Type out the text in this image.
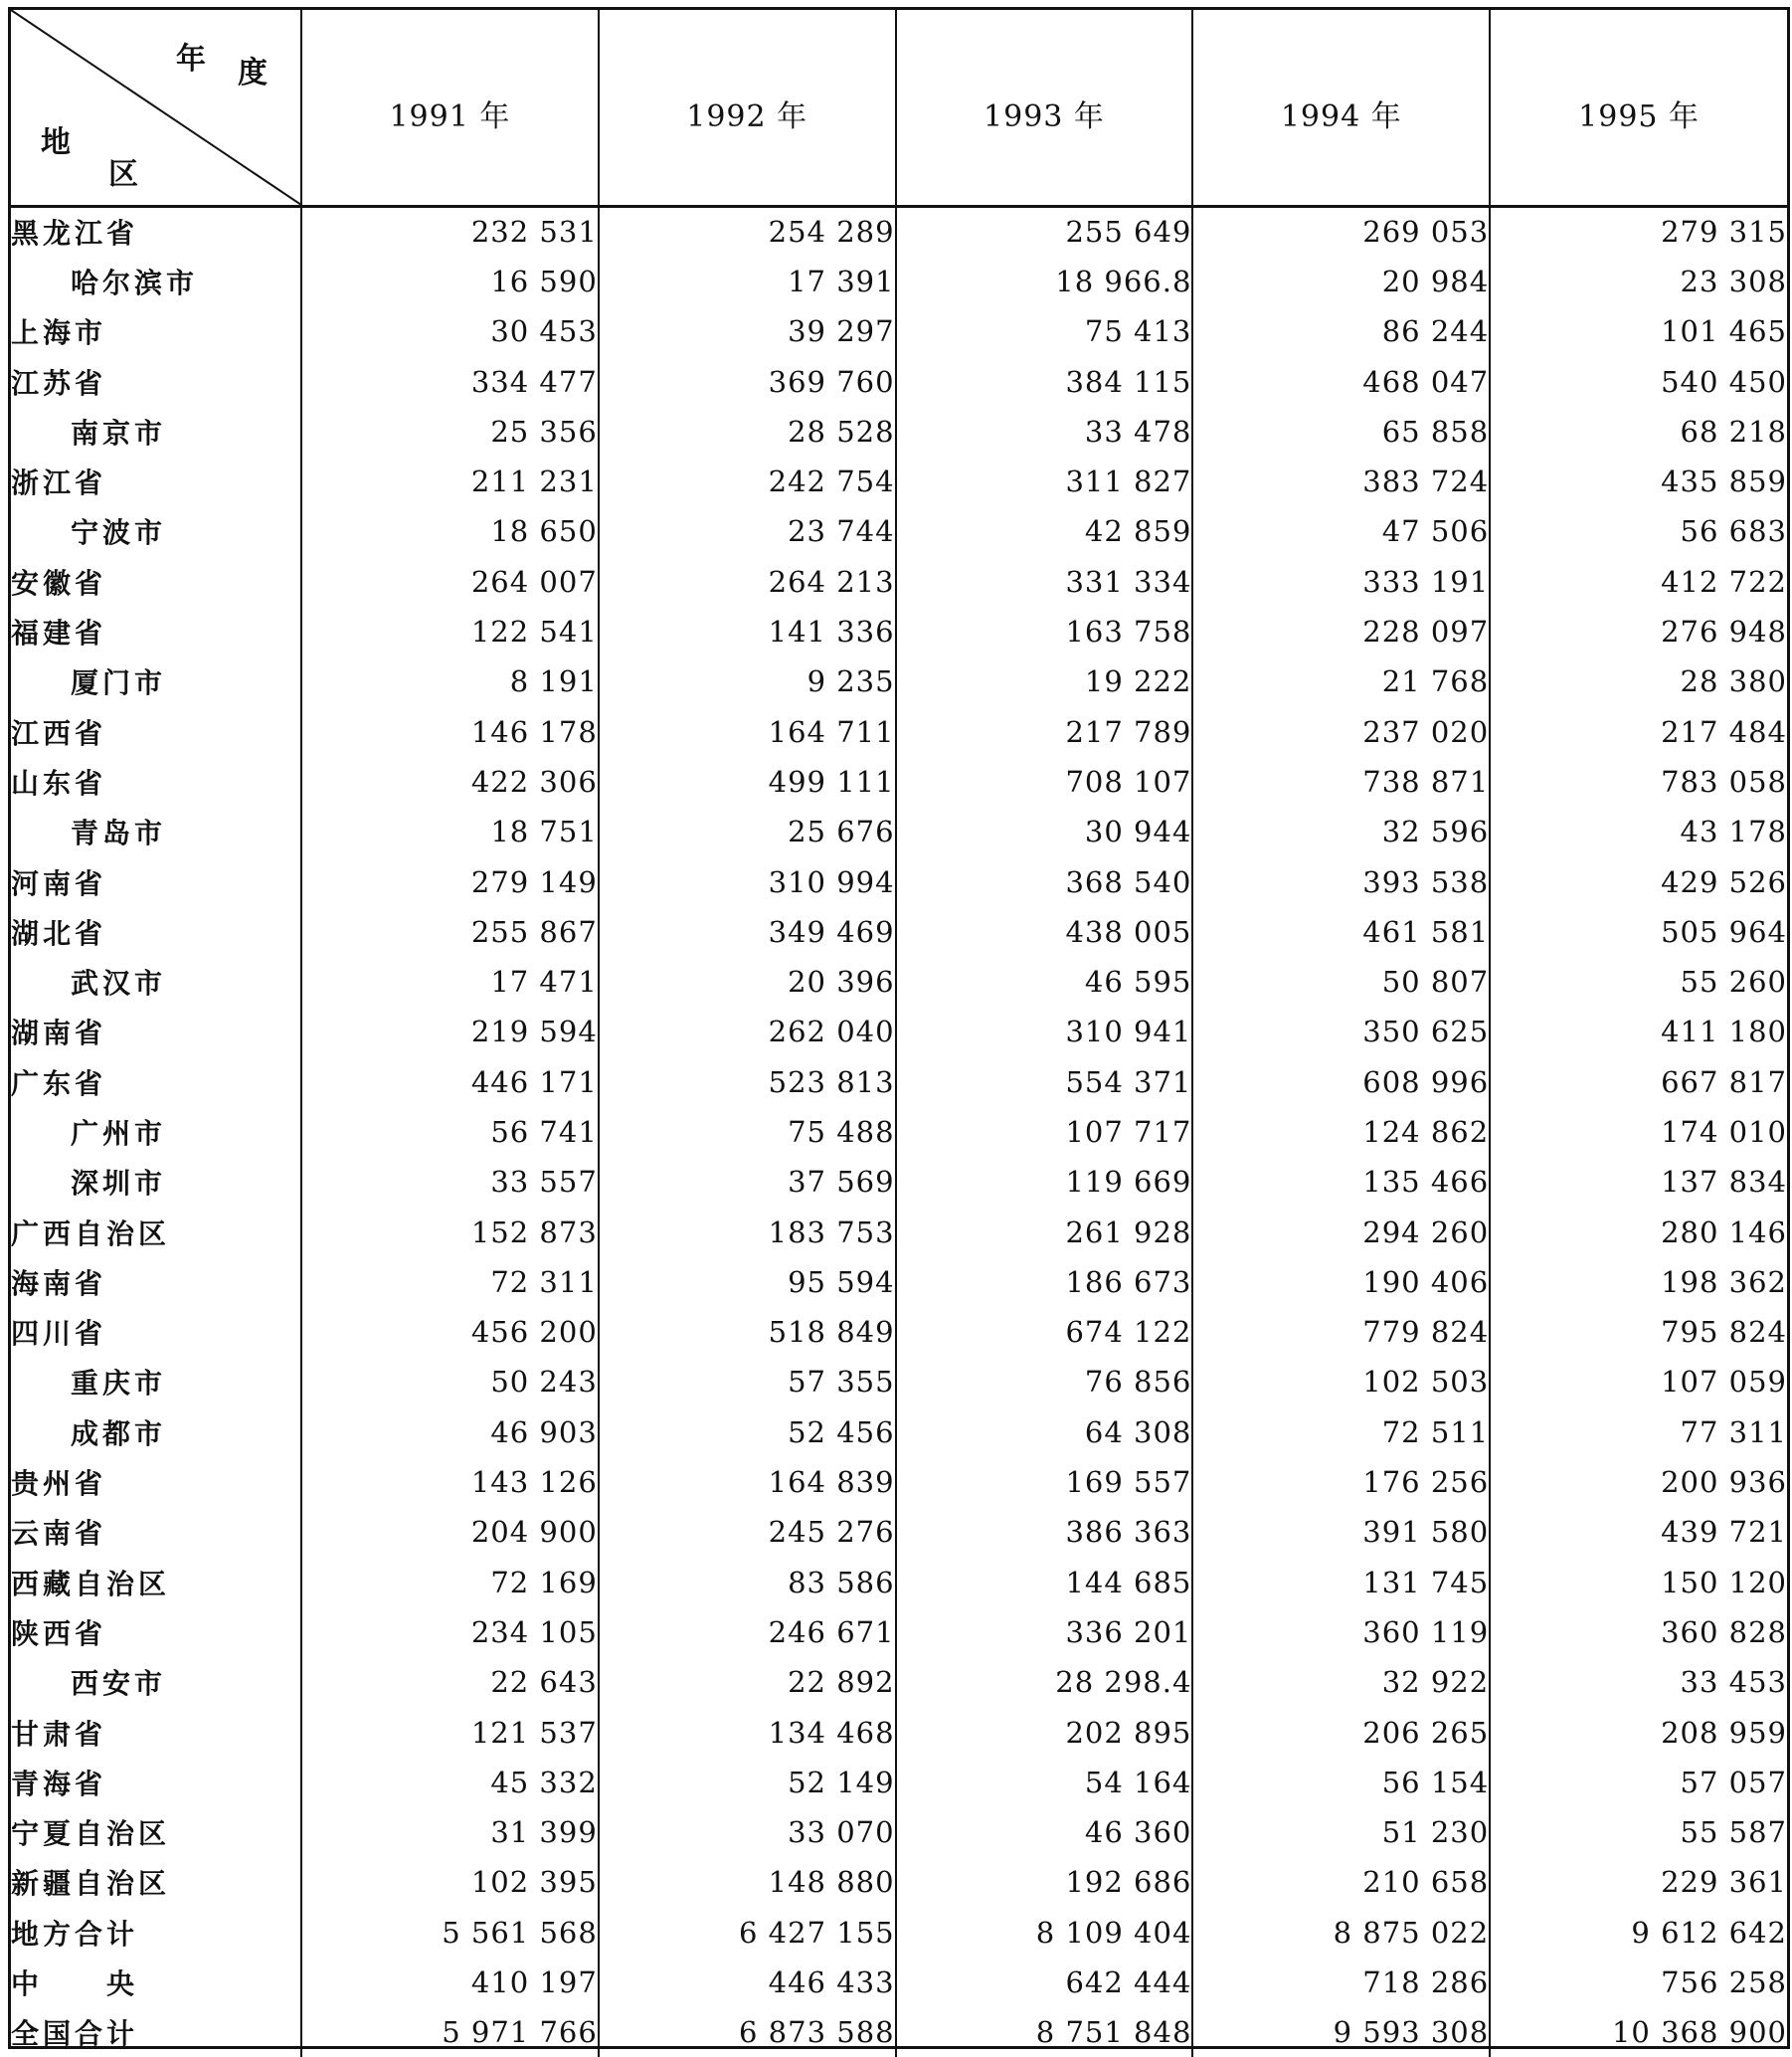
年 度
地
区	1991 年	1992 年	1993 年	1994 年	1995 年

黑龙江省	232 531	254 289	255 649	269 053	279 315
哈尔滨市	16 590	17 391	18 966.8	20 984	23 308
上海市	30 453	39 297	75 413	86 244	101 465
江苏省	334 477	369 760	384 115	468 047	540 450
南京市	25 356	28 528	33 478	65 858	68 218
浙江省	211 231	242 754	311 827	383 724	435 859
宁波市	18 650	23 744	42 859	47 506	56 683
安徽省	264 007	264 213	331 334	333 191	412 722
福建省	122 541	141 336	163 758	228 097	276 948
厦门市	8 191	9 235	19 222	21 768	28 380
江西省	146 178	164 711	217 789	237 020	217 484
山东省	422 306	499 111	708 107	738 871	783 058
青岛市	18 751	25 676	30 944	32 596	43 178
河南省	279 149	310 994	368 540	393 538	429 526
湖北省	255 867	349 469	438 005	461 581	505 964
武汉市	17 471	20 396	46 595	50 807	55 260
湖南省	219 594	262 040	310 941	350 625	411 180
广东省	446 171	523 813	554 371	608 996	667 817
广州市	56 741	75 488	107 717	124 862	174 010
深圳市	33 557	37 569	119 669	135 466	137 834
广西自治区	152 873	183 753	261 928	294 260	280 146
海南省	72 311	95 594	186 673	190 406	198 362
四川省	456 200	518 849	674 122	779 824	795 824
重庆市	50 243	57 355	76 856	102 503	107 059
成都市	46 903	52 456	64 308	72 511	77 311
贵州省	143 126	164 839	169 557	176 256	200 936
云南省	204 900	245 276	386 363	391 580	439 721
西藏自治区	72 169	83 586	144 685	131 745	150 120
陕西省	234 105	246 671	336 201	360 119	360 828
西安市	22 643	22 892	28 298.4	32 922	33 453
甘肃省	121 537	134 468	202 895	206 265	208 959
青海省	45 332	52 149	54 164	56 154	57 057
宁夏自治区	31 399	33 070	46 360	51 230	55 587
新疆自治区	102 395	148 880	192 686	210 658	229 361
地方合计	5 561 568	6 427 155	8 109 404	8 875 022	9 612 642
中　　央	410 197	446 433	642 444	718 286	756 258
全国合计	5 971 766	6 873 588	8 751 848	9 593 308	10 368 900
